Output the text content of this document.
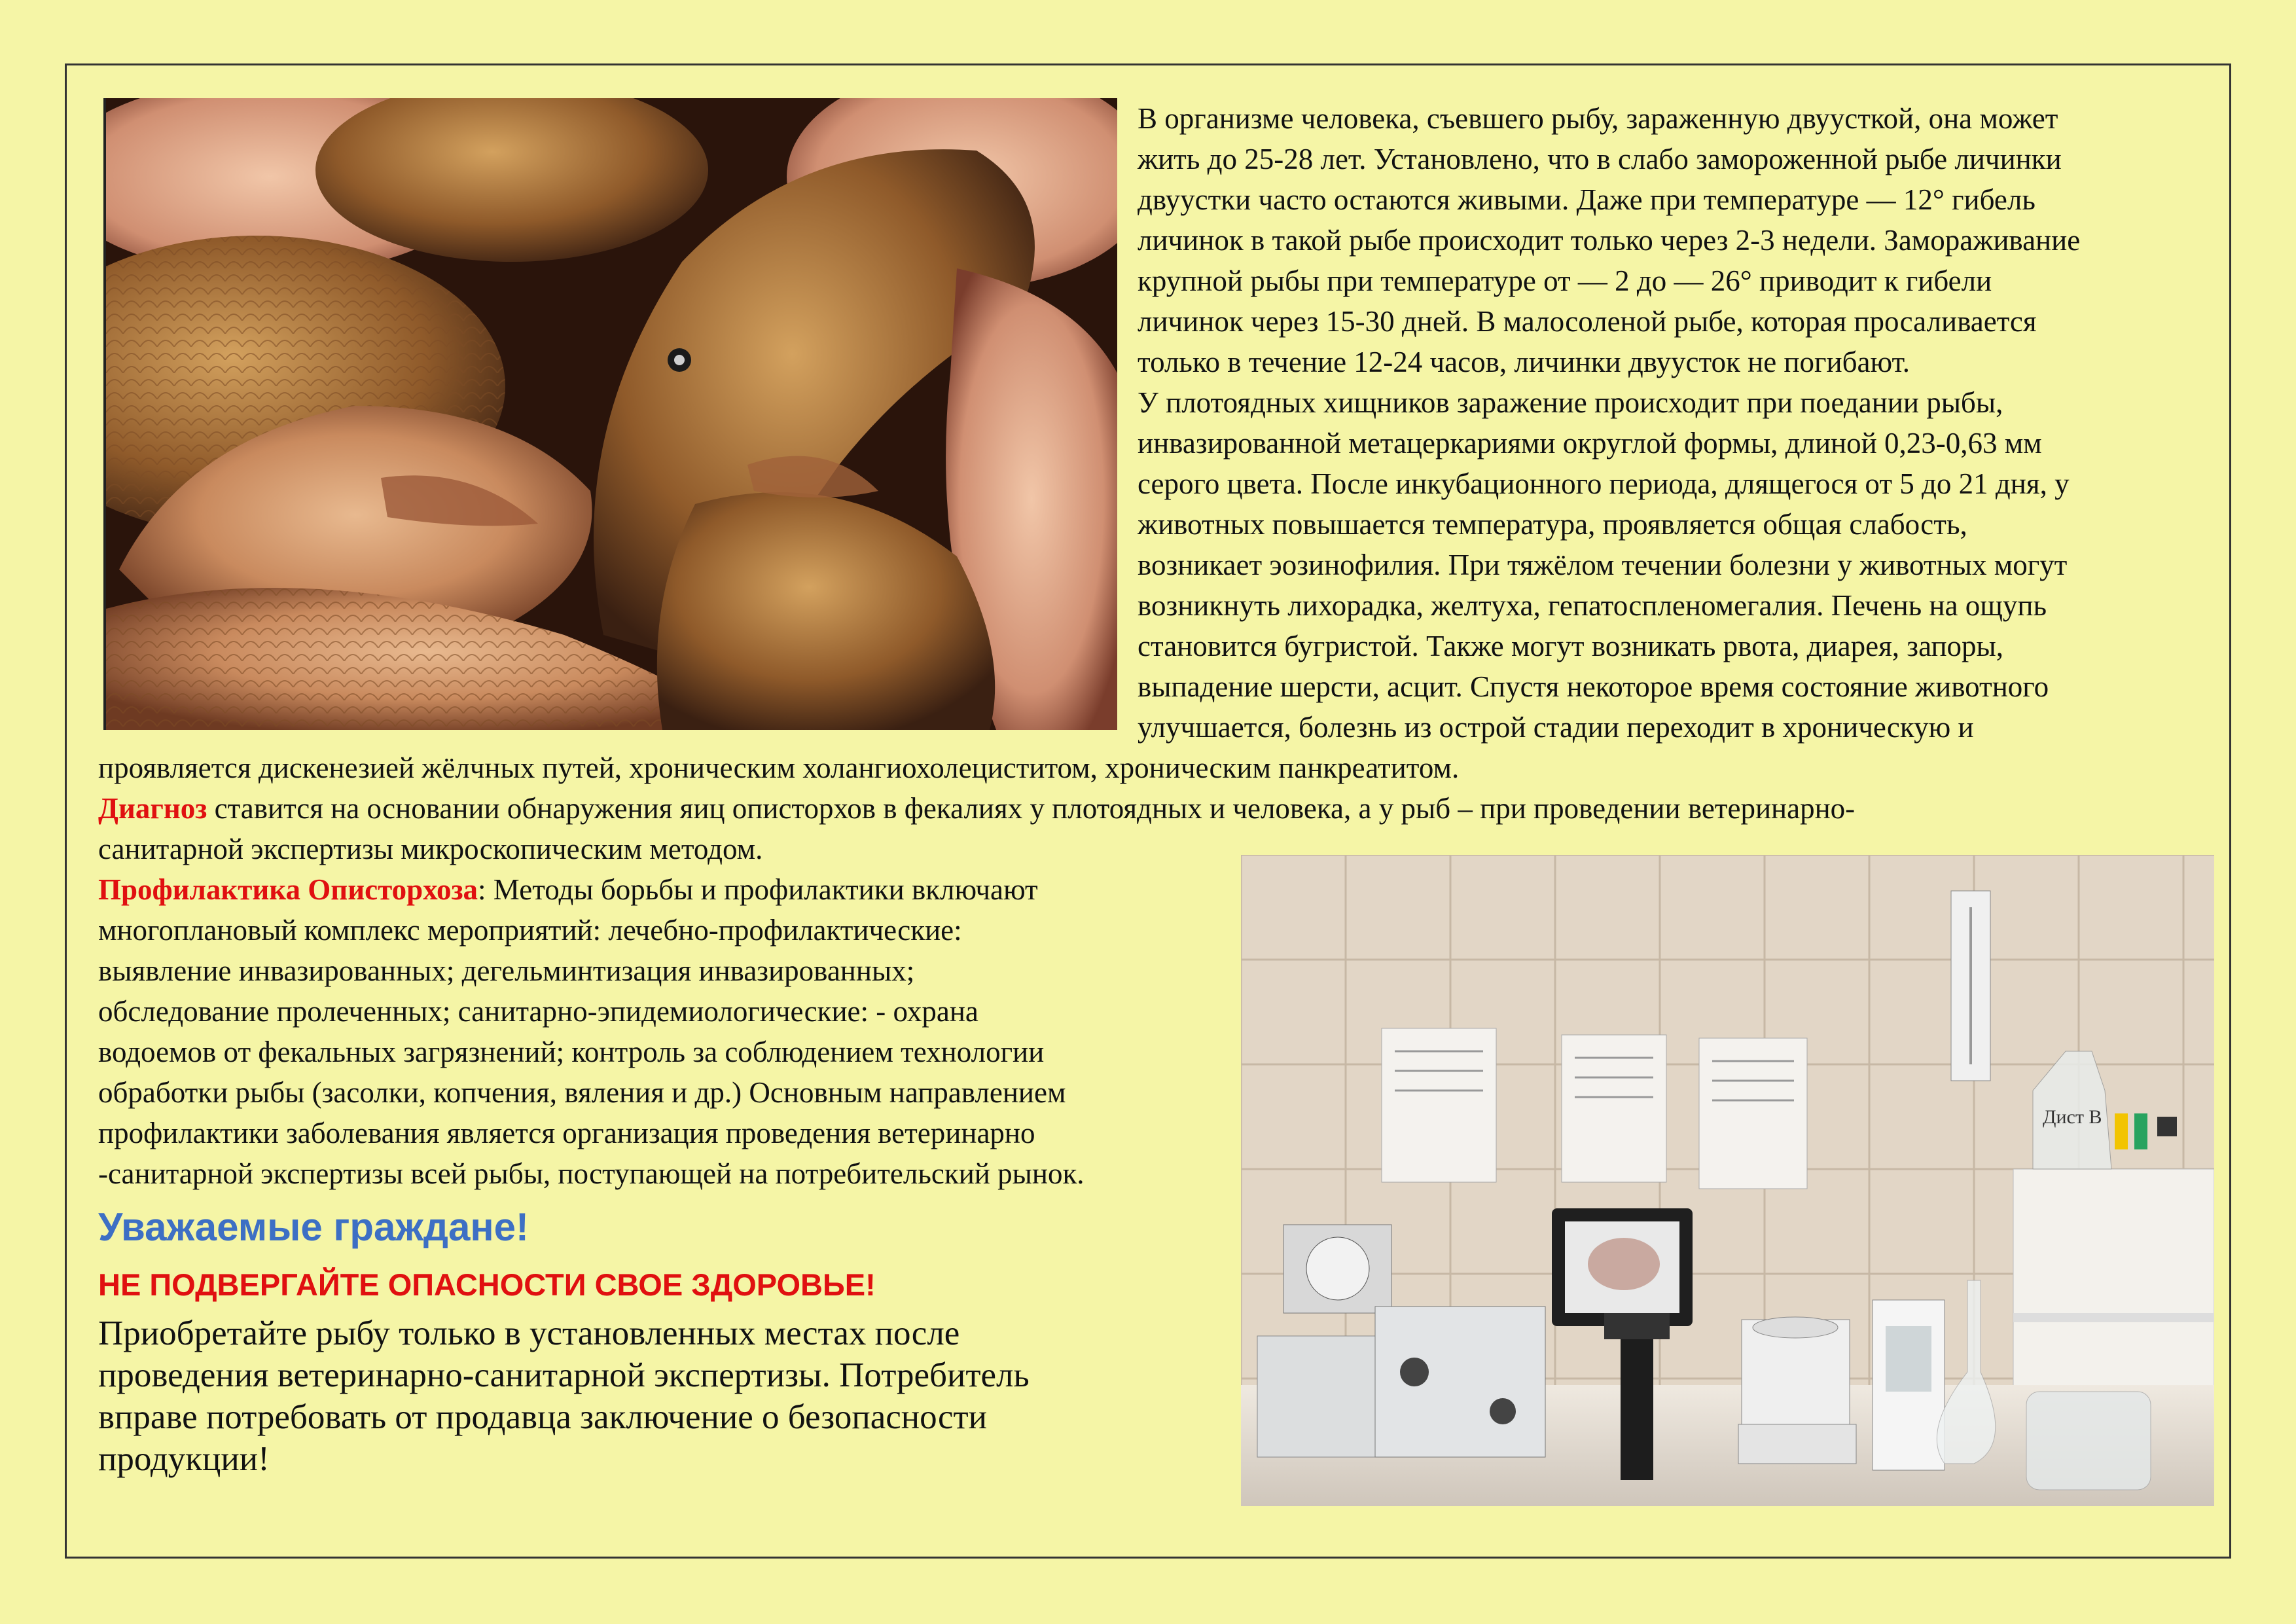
В организме человека, съевшего рыбу, зараженную двуусткой, она может
жить до 25-28 лет. Установлено, что в слабо замороженной рыбе личинки
двуустки часто остаются живыми. Даже при температуре — 12° гибель
личинок в такой рыбе происходит только через 2-3 недели. Замораживание
крупной рыбы при температуре от — 2 до — 26° приводит к гибели
личинок через 15-30 дней. В малосоленой рыбе, которая просаливается
только в течение 12-24 часов, личинки двуусток не погибают.
У плотоядных хищников заражение происходит при поедании рыбы,
инвазированной метацеркариями округлой формы, длиной 0,23-0,63 мм
серого цвета. После инкубационного периода, длящегося от 5 до 21 дня, у
животных повышается температура, проявляется общая слабость,
возникает эозинофилия. При тяжёлом течении болезни у животных могут
возникнуть лихорадка, желтуха, гепатоспленомегалия. Печень на ощупь
становится бугристой. Также могут возникать рвота, диарея, запоры,
выпадение шерсти, асцит. Спустя некоторое время состояние животного
улучшается, болезнь из острой стадии переходит в хроническую и
проявляется дискенезией жёлчных путей, хроническим холангиохолециститом, хроническим панкреатитом.
Диагноз ставится на основании обнаружения яиц описторхов в фекалиях у плотоядных и человека, а у рыб – при проведении ветеринарно-
санитарной экспертизы микроскопическим методом.
Профилактика Описторхоза: Методы борьбы и профилактики включают
многоплановый комплекс мероприятий: лечебно-профилактические:
выявление инвазированных; дегельминтизация инвазированных;
обследование пролеченных; санитарно-эпидемиологические: - охрана
водоемов от фекальных загрязнений; контроль за соблюдением технологии
обработки рыбы (засолки, копчения, вяления и др.) Основным направлением
профилактики заболевания является организация проведения ветеринарно
-санитарной экспертизы всей рыбы, поступающей на потребительский рынок.
Уважаемые граждане!
НЕ ПОДВЕРГАЙТЕ ОПАСНОСТИ СВОЕ ЗДОРОВЬЕ!
Приобретайте рыбу только в установленных местах после
проведения ветеринарно-санитарной экспертизы. Потребитель
вправе потребовать от продавца заключение о безопасности
продукции!
Дист В
